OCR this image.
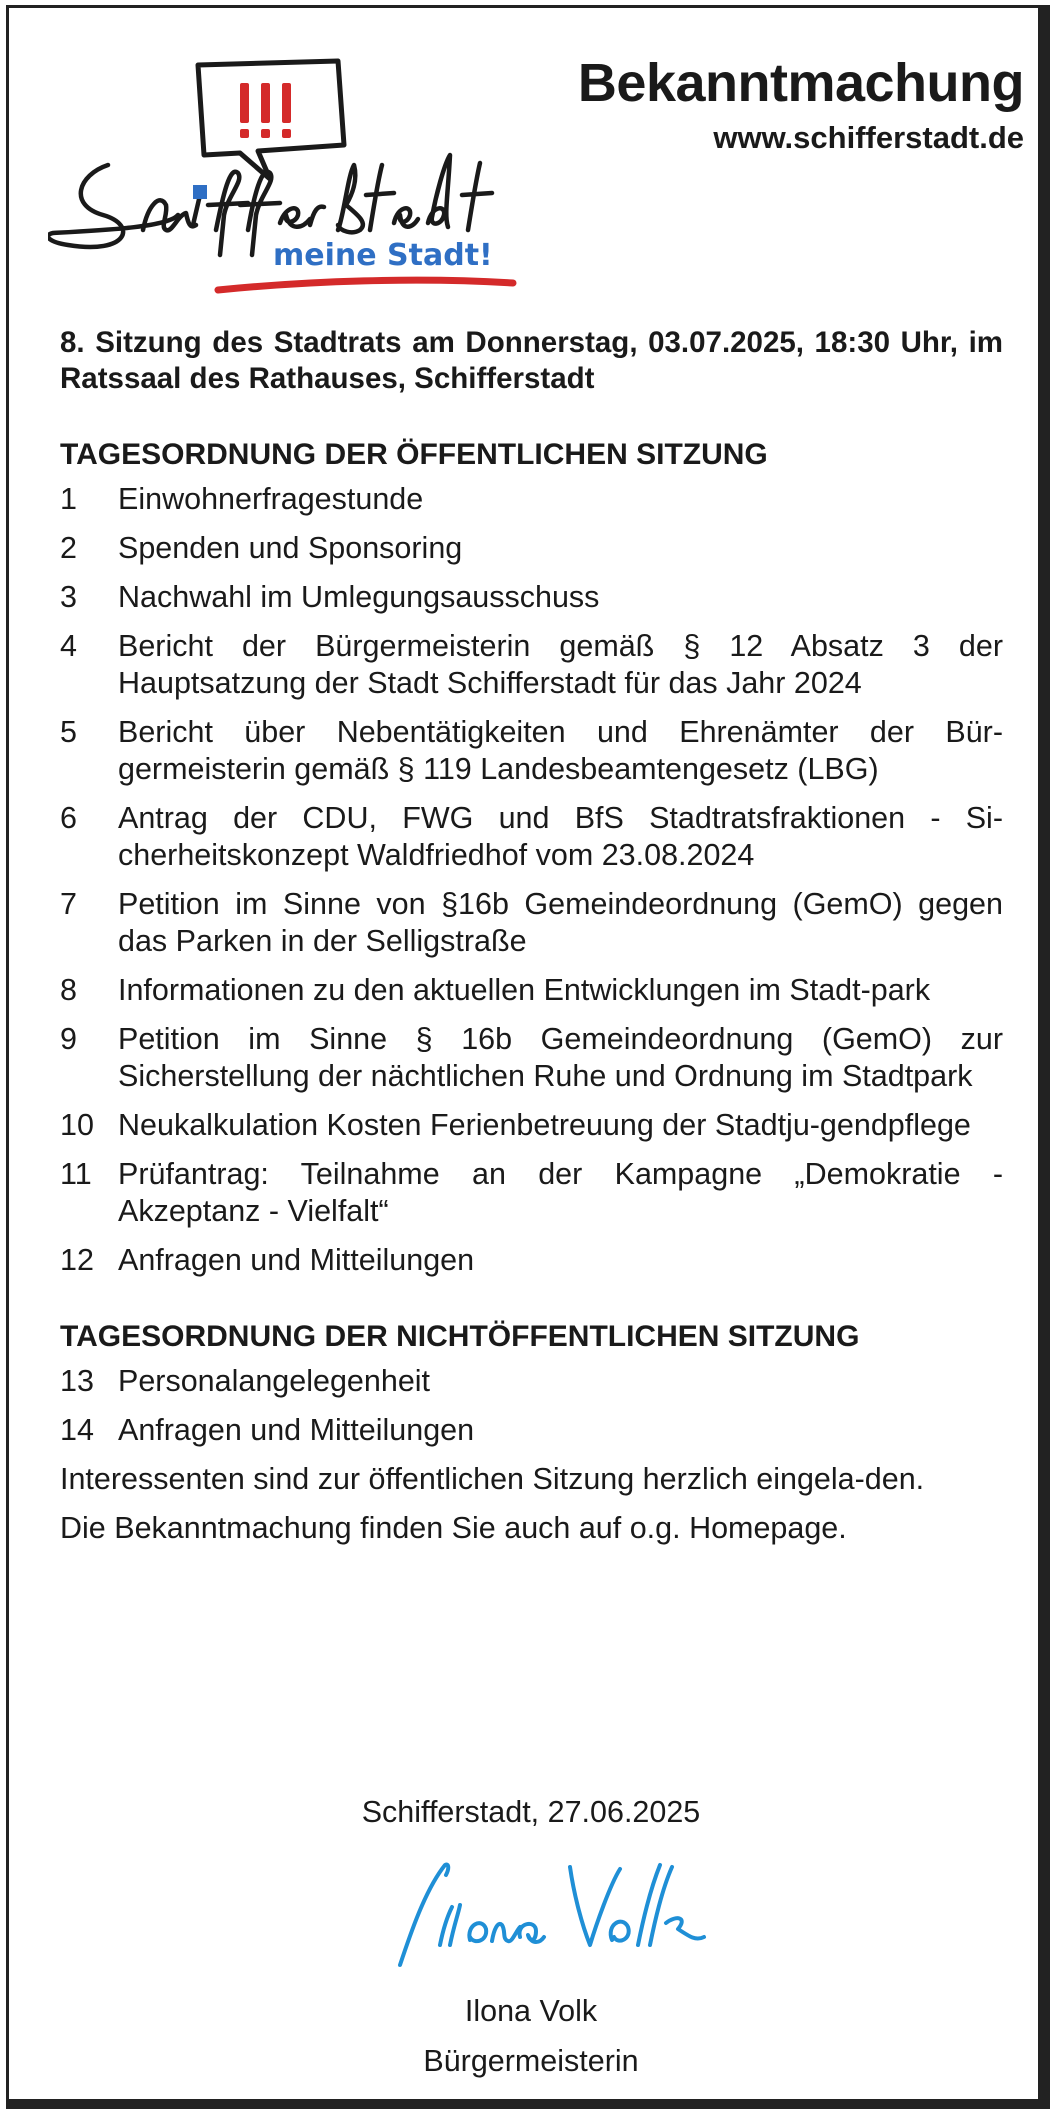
meine Stadt!
Bekanntmachung
www.schifferstadt.de

8. Sitzung des Stadtrats am Donnerstag, 03.07.2025, 18:30 Uhr, im Ratssaal des Rathauses, Schifferstadt

TAGESORDNUNG DER ÖFFENTLICHEN SITZUNG
1	Einwohnerfragestunde
2	Spenden und Sponsoring
3	Nachwahl im Umlegungsausschuss
4	Bericht der Bürgermeisterin gemäß § 12 Absatz 3 der Hauptsatzung der Stadt Schifferstadt für das Jahr 2024
5	Bericht über Nebentätigkeiten und Ehrenämter der Bür-germeisterin gemäß § 119 Landesbeamtengesetz (LBG)
6	Antrag der CDU, FWG und BfS Stadtratsfraktionen - Si-cherheitskonzept Waldfriedhof vom 23.08.2024
7	Petition im Sinne von §16b Gemeindeordnung (GemO) gegen das Parken in der Selligstraße
8	Informationen zu den aktuellen Entwicklungen im Stadt-park
9	Petition im Sinne § 16b Gemeindeordnung (GemO) zur Sicherstellung der nächtlichen Ruhe und Ordnung im Stadtpark
10 Neukalkulation Kosten Ferienbetreuung der Stadtju-gendpflege
11 Prüfantrag: Teilnahme an der Kampagne „Demokratie - Akzeptanz - Vielfalt“
12 Anfragen und Mitteilungen
TAGESORDNUNG DER NICHTÖFFENTLICHEN SITZUNG
13 Personalangelegenheit
14 Anfragen und Mitteilungen

Interessenten sind zur öffentlichen Sitzung herzlich eingela-den.

Die Bekanntmachung finden Sie auch auf o.g. Homepage.

Schifferstadt, 27.06.2025
Ilona Volk
Bürgermeisterin
